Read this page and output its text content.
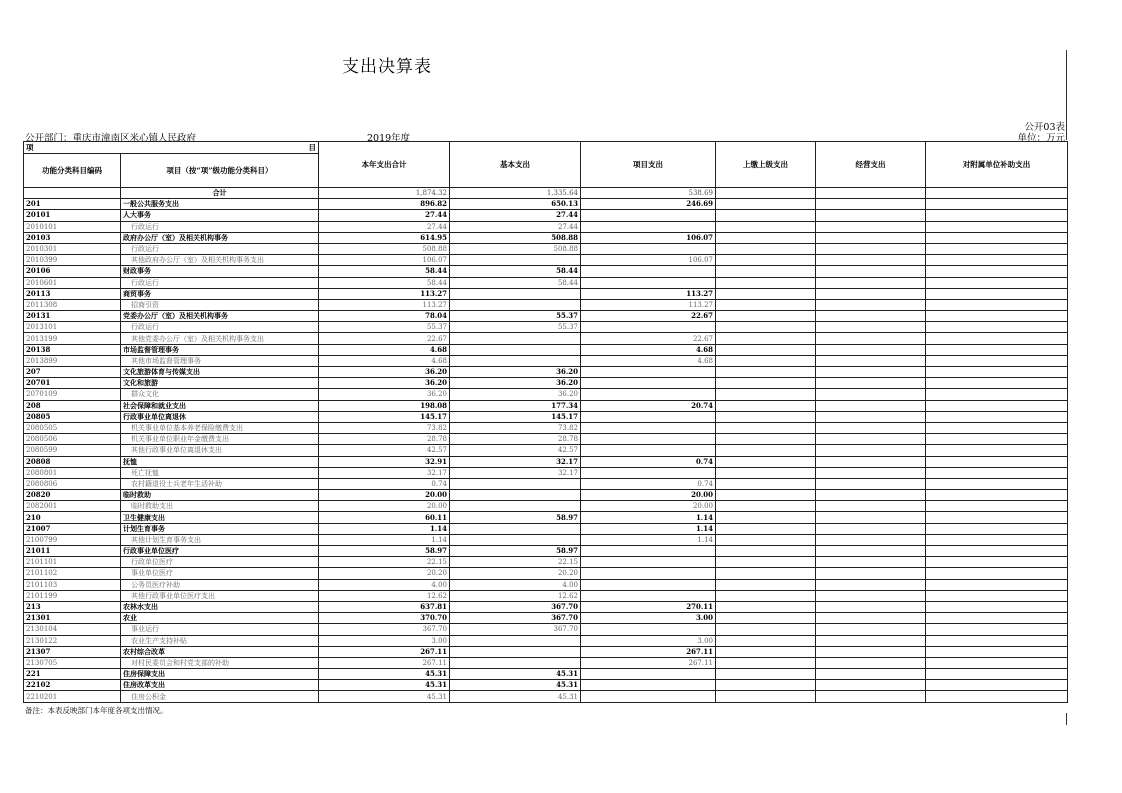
支出决算表
公开部门：重庆市潼南区米心镇人民政府	2019年度
公开03表
单位：万元
项 目		本年支出合计	基本支出	项目支出	上缴上级支出	经营支出	对附属单位补助支出
功能分类科目编码	项目（按“项”级功能分类科目）						
	合计	1,874.32	1,335.64	538.69			
201	一般公共服务支出	896.82	650.13	246.69			
20101	人大事务	27.44	27.44				
2010101	行政运行	27.44	27.44				
20103	政府办公厅（室）及相关机构事务	614.95	508.88	106.07			
2010301	行政运行	508.88	508.88				
2010399	其他政府办公厅（室）及相关机构事务支出	106.07		106.07			
20106	财政事务	58.44	58.44				
2010601	行政运行	58.44	58.44				
20113	商贸事务	113.27		113.27			
2011308	招商引资	113.27		113.27			
20131	党委办公厅（室）及相关机构事务	78.04	55.37	22.67			
2013101	行政运行	55.37	55.37				
2013199	其他党委办公厅（室）及相关机构事务支出	22.67		22.67			
20138	市场监督管理事务	4.68		4.68			
2013899	其他市场监督管理事务	4.68		4.68			
207	文化旅游体育与传媒支出	36.20	36.20				
20701	文化和旅游	36.20	36.20				
2070109	群众文化	36.20	36.20				
208	社会保障和就业支出	198.08	177.34	20.74			
20805	行政事业单位离退休	145.17	145.17				
2080505	机关事业单位基本养老保险缴费支出	73.82	73.82				
2080506	机关事业单位职业年金缴费支出	28.78	28.78				
2080599	其他行政事业单位离退休支出	42.57	42.57				
20808	抚恤	32.91	32.17	0.74			
2080801	死亡抚恤	32.17	32.17				
2080806	农村籍退役士兵老年生活补助	0.74		0.74			
20820	临时救助	20.00		20.00			
2082001	临时救助支出	20.00		20.00			
210	卫生健康支出	60.11	58.97	1.14			
21007	计划生育事务	1.14		1.14			
2100799	其他计划生育事务支出	1.14		1.14			
21011	行政事业单位医疗	58.97	58.97				
2101101	行政单位医疗	22.15	22.15				
2101102	事业单位医疗	20.20	20.20				
2101103	公务员医疗补助	4.00	4.00				
2101199	其他行政事业单位医疗支出	12.62	12.62				
213	农林水支出	637.81	367.70	270.11			
21301	农业	370.70	367.70	3.00			
2130104	事业运行	367.70	367.70				
2130122	农业生产支持补贴	3.00		3.00			
21307	农村综合改革	267.11		267.11			
2130705	对村民委员会和村党支部的补助	267.11		267.11			
221	住房保障支出	45.31	45.31				
22102	住房改革支出	45.31	45.31				
2210201	住房公积金	45.31	45.31				
备注：本表反映部门本年度各项支出情况。
